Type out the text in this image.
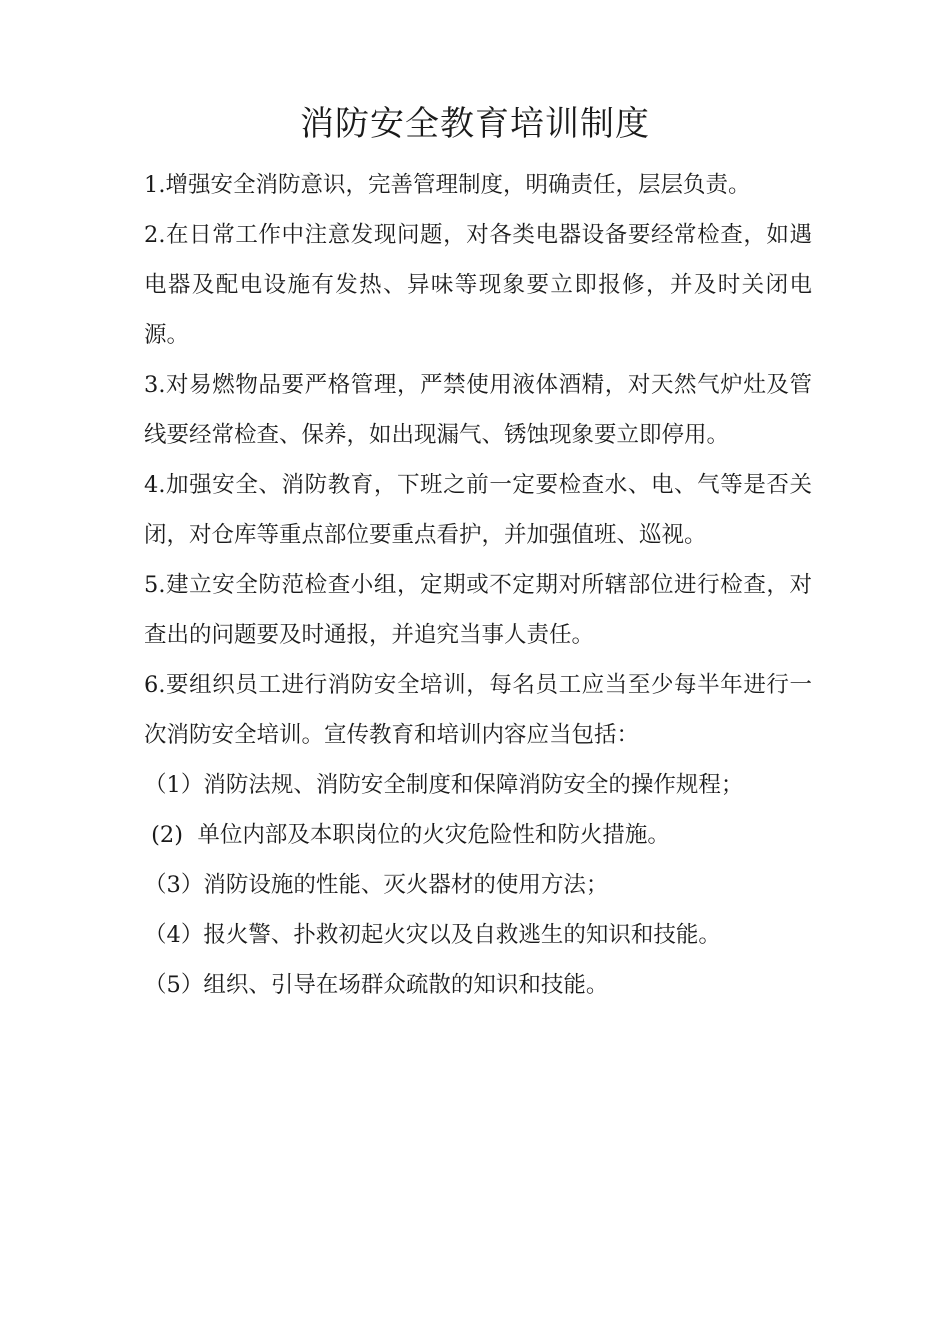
消防安全教育培训制度

1.增强安全消防意识，完善管理制度，明确责任，层层负责。

2.在日常工作中注意发现问题，对各类电器设备要经常检查，如遇电器及配电设施有发热、异味等现象要立即报修，并及时关闭电源。

3.对易燃物品要严格管理，严禁使用液体酒精，对天然气炉灶及管线要经常检查、保养，如出现漏气、锈蚀现象要立即停用。

4.加强安全、消防教育，下班之前一定要检查水、电、气等是否关闭，对仓库等重点部位要重点看护，并加强值班、巡视。

5.建立安全防范检查小组，定期或不定期对所辖部位进行检查，对查出的问题要及时通报，并追究当事人责任。

6.要组织员工进行消防安全培训，每名员工应当至少每半年进行一次消防安全培训。宣传教育和培训内容应当包括：

（1）消防法规、消防安全制度和保障消防安全的操作规程；

(2)  单位内部及本职岗位的火灾危险性和防火措施。

（3）消防设施的性能、灭火器材的使用方法；

（4）报火警、扑救初起火灾以及自救逃生的知识和技能。

（5）组织、引导在场群众疏散的知识和技能。
